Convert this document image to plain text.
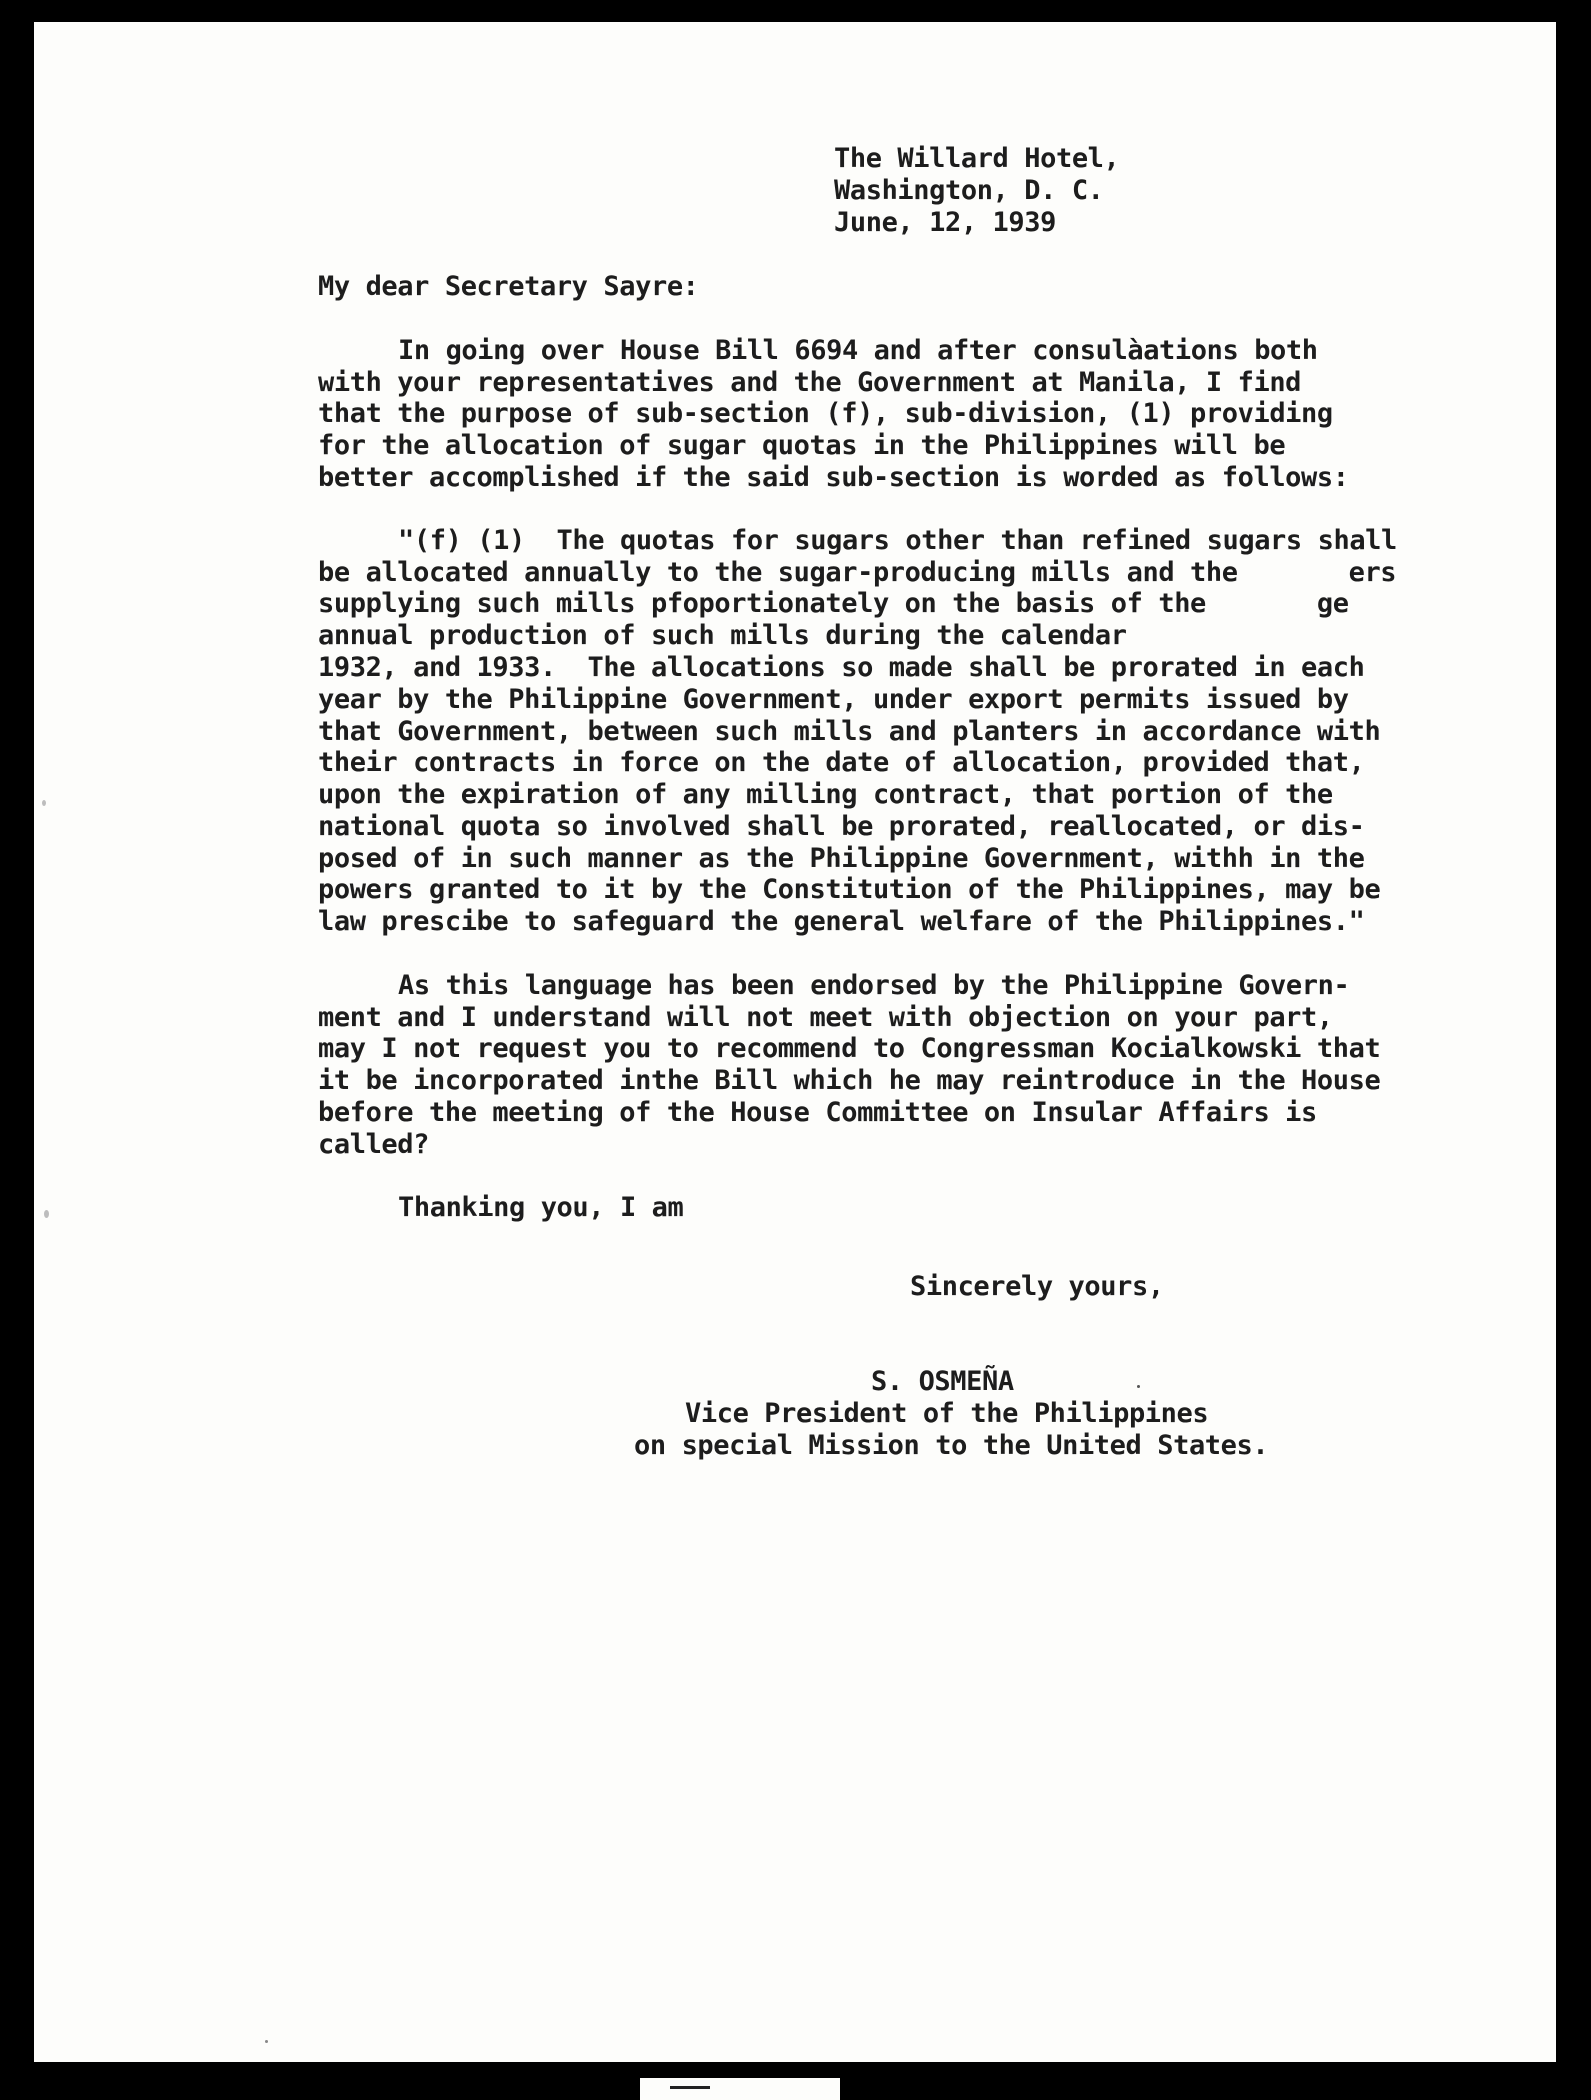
The Willard Hotel,

Washington, D. C.

June, 12, 1939

My dear Secretary Sayre:

In going over House Bill 6694 and after consulàations both

with your representatives and the Government at Manila, I find

that the purpose of sub-section (f), sub-division, (1) providing

for the allocation of sugar quotas in the Philippines will be

better accomplished if the said sub-section is worded as follows:

"(f) (1)  The quotas for sugars other than refined sugars shall

be allocated annually to the sugar-producing mills and the       ers

supplying such mills pfoportionately on the basis of the       ge

annual production of such mills during the calendar

1932, and 1933.  The allocations so made shall be prorated in each

year by the Philippine Government, under export permits issued by

that Government, between such mills and planters in accordance with

their contracts in force on the date of allocation, provided that,

upon the expiration of any milling contract, that portion of the

national quota so involved shall be prorated, reallocated, or dis-

posed of in such manner as the Philippine Government, withh in the

powers granted to it by the Constitution of the Philippines, may be

law prescibe to safeguard the general welfare of the Philippines."

As this language has been endorsed by the Philippine Govern-

ment and I understand will not meet with objection on your part,

may I not request you to recommend to Congressman Kocialkowski that

it be incorporated inthe Bill which he may reintroduce in the House

before the meeting of the House Committee on Insular Affairs is

called?

Thanking you, I am

Sincerely yours,

S. OSMEÑA

Vice President of the Philippines

on special Mission to the United States.
